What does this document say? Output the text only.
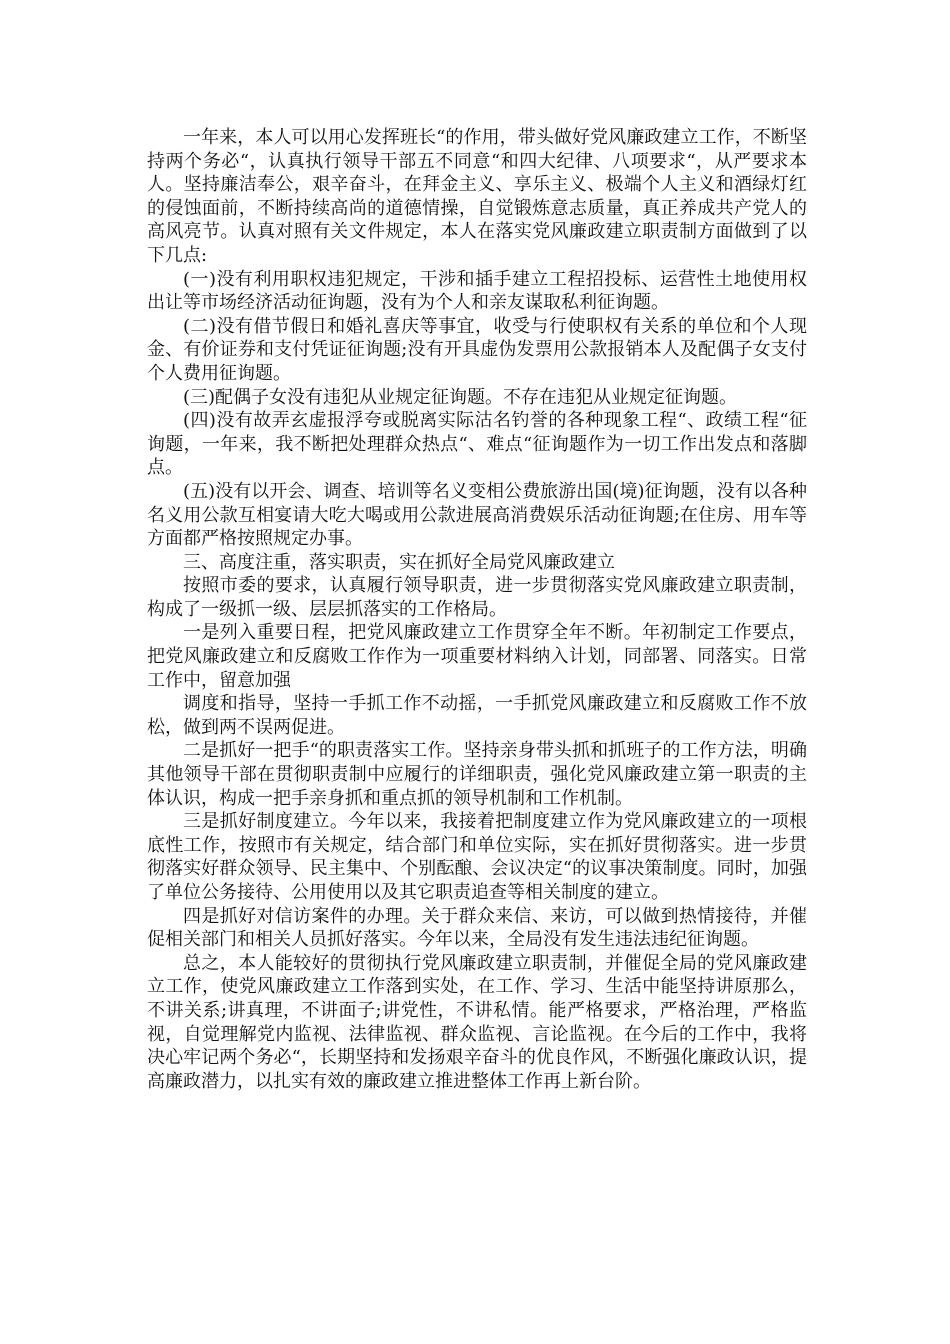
一年来，本人可以用心发挥班长“的作用，带头做好党风廉政建立工作，不断坚持两个务必“，认真执行领导干部五不同意“和四大纪律、八项要求“，从严要求本人。坚持廉洁奉公，艰辛奋斗，在拜金主义、享乐主义、极端个人主义和酒绿灯红的侵蚀面前，不断持续高尚的道德情操，自觉锻炼意志质量，真正养成共产党人的高风亮节。认真对照有关文件规定，本人在落实党风廉政建立职责制方面做到了以下几点:

(一)没有利用职权违犯规定，干涉和插手建立工程招投标、运营性土地使用权出让等市场经济活动征询题，没有为个人和亲友谋取私利征询题。

(二)没有借节假日和婚礼喜庆等事宜，收受与行使职权有关系的单位和个人现金、有价证券和支付凭证征询题;没有开具虚伪发票用公款报销本人及配偶子女支付个人费用征询题。

(三)配偶子女没有违犯从业规定征询题。不存在违犯从业规定征询题。

(四)没有故弄玄虚报浮夸或脱离实际沽名钓誉的各种现象工程“、政绩工程“征询题，一年来，我不断把处理群众热点“、难点“征询题作为一切工作出发点和落脚点。

(五)没有以开会、调查、培训等名义变相公费旅游出国(境)征询题，没有以各种名义用公款互相宴请大吃大喝或用公款进展高消费娱乐活动征询题;在住房、用车等方面都严格按照规定办事。

三、高度注重，落实职责，实在抓好全局党风廉政建立

按照市委的要求，认真履行领导职责，进一步贯彻落实党风廉政建立职责制，构成了一级抓一级、层层抓落实的工作格局。

一是列入重要日程，把党风廉政建立工作贯穿全年不断。年初制定工作要点，把党风廉政建立和反腐败工作作为一项重要材料纳入计划，同部署、同落实。日常工作中，留意加强

调度和指导，坚持一手抓工作不动摇，一手抓党风廉政建立和反腐败工作不放松，做到两不误两促进。

二是抓好一把手“的职责落实工作。坚持亲身带头抓和抓班子的工作方法，明确其他领导干部在贯彻职责制中应履行的详细职责，强化党风廉政建立第一职责的主体认识，构成一把手亲身抓和重点抓的领导机制和工作机制。

三是抓好制度建立。今年以来，我接着把制度建立作为党风廉政建立的一项根底性工作，按照市有关规定，结合部门和单位实际，实在抓好贯彻落实。进一步贯彻落实好群众领导、民主集中、个别酝酿、会议决定“的议事决策制度。同时，加强了单位公务接待、公用使用以及其它职责追查等相关制度的建立。

四是抓好对信访案件的办理。关于群众来信、来访，可以做到热情接待，并催促相关部门和相关人员抓好落实。今年以来，全局没有发生违法违纪征询题。

总之，本人能较好的贯彻执行党风廉政建立职责制，并催促全局的党风廉政建立工作，使党风廉政建立工作落到实处，在工作、学习、生活中能坚持讲原那么，不讲关系;讲真理，不讲面子;讲党性，不讲私情。能严格要求，严格治理，严格监视，自觉理解党内监视、法律监视、群众监视、言论监视。在今后的工作中，我将决心牢记两个务必“，长期坚持和发扬艰辛奋斗的优良作风，不断强化廉政认识，提高廉政潜力，以扎实有效的廉政建立推进整体工作再上新台阶。
